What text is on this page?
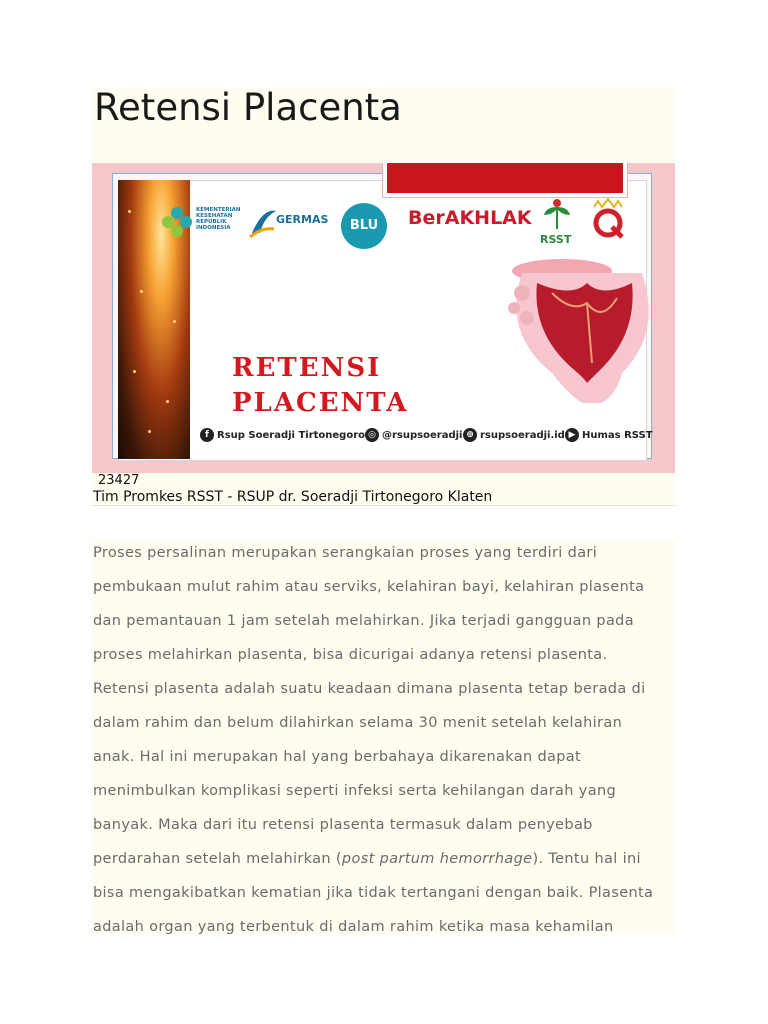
Retensi Placenta
KEMENTERIAN KESEHATAN REPUBLIK INDONESIA
GERMAS	BLU	BerAKHLAK
RSST
RETENSI
PLACENTA
f Rsup Soeradji Tirtonegoro ◎ @rsupsoeradji ⊕ rsupsoeradji.id ▶ Humas RSST
23427
Tim Promkes RSST - RSUP dr. Soeradji Tirtonegoro Klaten

Proses persalinan merupakan serangkaian proses yang terdiri dari
pembukaan mulut rahim atau serviks, kelahiran bayi, kelahiran plasenta
dan pemantauan 1 jam setelah melahirkan. Jika terjadi gangguan pada
proses melahirkan plasenta, bisa dicurigai adanya retensi plasenta.
Retensi plasenta adalah suatu keadaan dimana plasenta tetap berada di
dalam rahim dan belum dilahirkan selama 30 menit setelah kelahiran
anak. Hal ini merupakan hal yang berbahaya dikarenakan dapat
menimbulkan komplikasi seperti infeksi serta kehilangan darah yang
banyak. Maka dari itu retensi plasenta termasuk dalam penyebab
perdarahan setelah melahirkan (post partum hemorrhage). Tentu hal ini
bisa mengakibatkan kematian jika tidak tertangani dengan baik. Plasenta
adalah organ yang terbentuk di dalam rahim ketika masa kehamilan
